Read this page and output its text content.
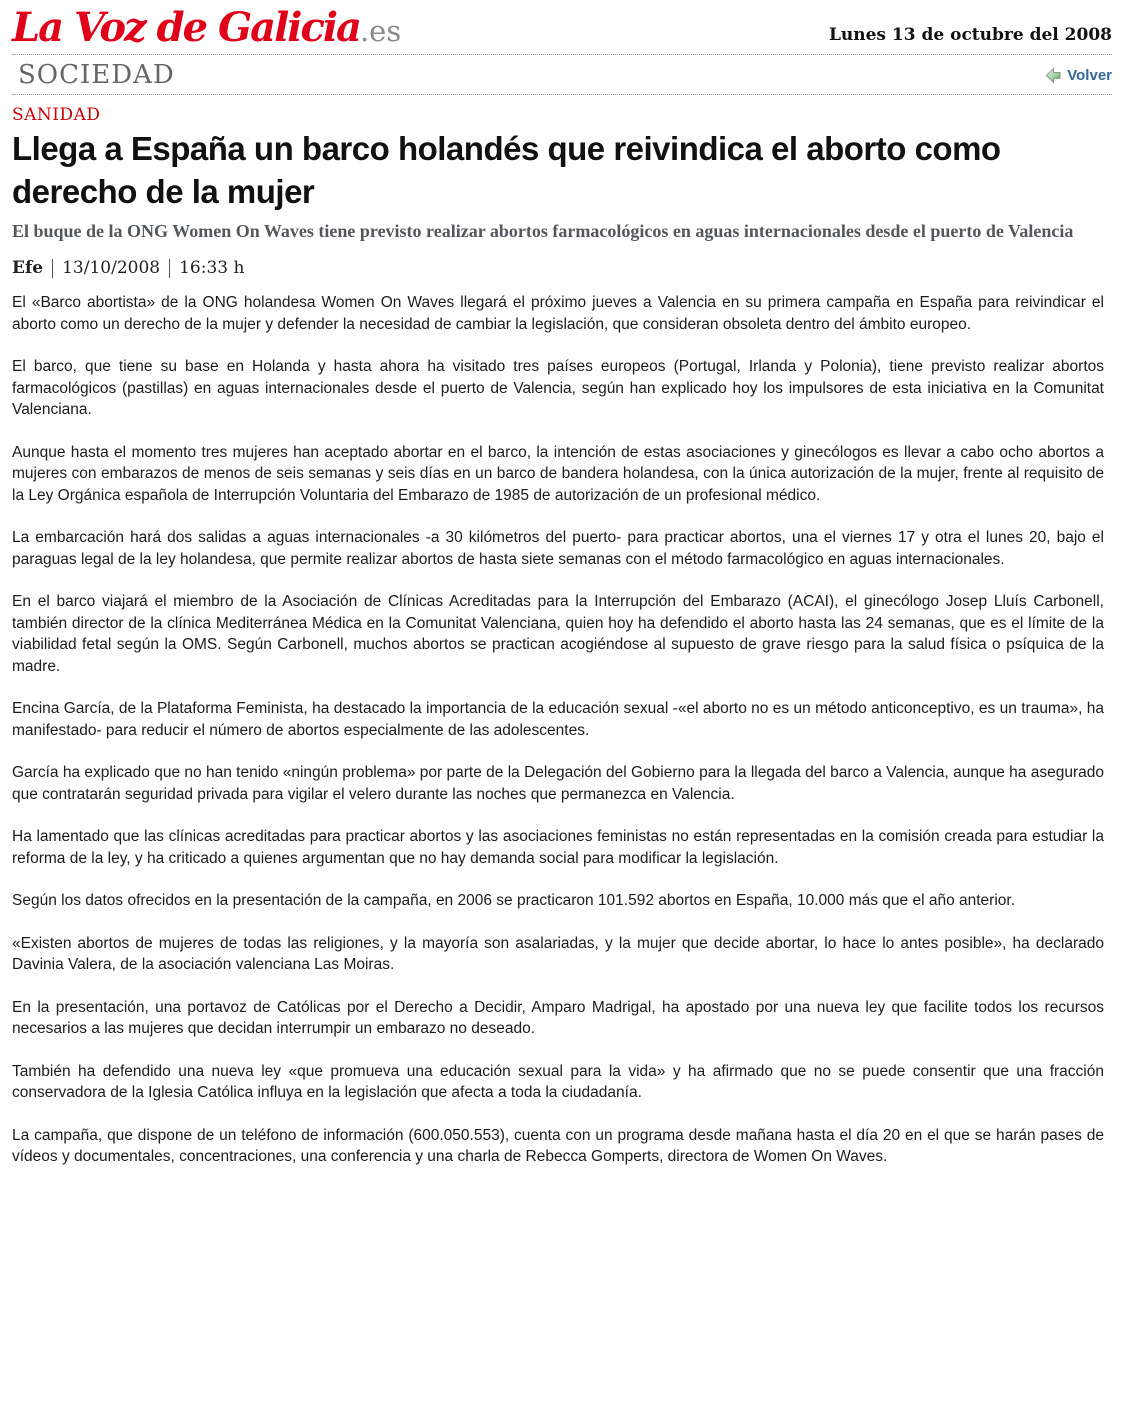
La Voz de Galicia.es	Lunes 13 de octubre del 2008
SOCIEDAD	Volver
SANIDAD
Llega a España un barco holandés que reivindica el aborto como derecho de la mujer
El buque de la ONG Women On Waves tiene previsto realizar abortos farmacológicos en aguas internacionales desde el puerto de Valencia
Efe 13/10/2008 16:33 h

El «Barco abortista» de la ONG holandesa Women On Waves llegará el próximo jueves a Valencia en su primera campaña en España para reivindicar el aborto como un derecho de la mujer y defender la necesidad de cambiar la legislación, que consideran obsoleta dentro del ámbito europeo.

El barco, que tiene su base en Holanda y hasta ahora ha visitado tres países europeos (Portugal, Irlanda y Polonia), tiene previsto realizar abortos farmacológicos (pastillas) en aguas internacionales desde el puerto de Valencia, según han explicado hoy los impulsores de esta iniciativa en la Comunitat Valenciana.

Aunque hasta el momento tres mujeres han aceptado abortar en el barco, la intención de estas asociaciones y ginecólogos es llevar a cabo ocho abortos a mujeres con embarazos de menos de seis semanas y seis días en un barco de bandera holandesa, con la única autorización de la mujer, frente al requisito de la Ley Orgánica española de Interrupción Voluntaria del Embarazo de 1985 de autorización de un profesional médico.

La embarcación hará dos salidas a aguas internacionales -a 30 kilómetros del puerto- para practicar abortos, una el viernes 17 y otra el lunes 20, bajo el paraguas legal de la ley holandesa, que permite realizar abortos de hasta siete semanas con el método farmacológico en aguas internacionales.

En el barco viajará el miembro de la Asociación de Clínicas Acreditadas para la Interrupción del Embarazo (ACAI), el ginecólogo Josep Lluís Carbonell, también director de la clínica Mediterránea Médica en la Comunitat Valenciana, quien hoy ha defendido el aborto hasta las 24 semanas, que es el límite de la viabilidad fetal según la OMS. Según Carbonell, muchos abortos se practican acogiéndose al supuesto de grave riesgo para la salud física o psíquica de la madre.

Encina García, de la Plataforma Feminista, ha destacado la importancia de la educación sexual -«el aborto no es un método anticonceptivo, es un trauma», ha manifestado- para reducir el número de abortos especialmente de las adolescentes.

García ha explicado que no han tenido «ningún problema» por parte de la Delegación del Gobierno para la llegada del barco a Valencia, aunque ha asegurado que contratarán seguridad privada para vigilar el velero durante las noches que permanezca en Valencia.

Ha lamentado que las clínicas acreditadas para practicar abortos y las asociaciones feministas no están representadas en la comisión creada para estudiar la reforma de la ley, y ha criticado a quienes argumentan que no hay demanda social para modificar la legislación.

Según los datos ofrecidos en la presentación de la campaña, en 2006 se practicaron 101.592 abortos en España, 10.000 más que el año anterior.

«Existen abortos de mujeres de todas las religiones, y la mayoría son asalariadas, y la mujer que decide abortar, lo hace lo antes posible», ha declarado Davinia Valera, de la asociación valenciana Las Moiras.

En la presentación, una portavoz de Católicas por el Derecho a Decidir, Amparo Madrigal, ha apostado por una nueva ley que facilite todos los recursos necesarios a las mujeres que decidan interrumpir un embarazo no deseado.

También ha defendido una nueva ley «que promueva una educación sexual para la vida» y ha afirmado que no se puede consentir que una fracción conservadora de la Iglesia Católica influya en la legislación que afecta a toda la ciudadanía.

La campaña, que dispone de un teléfono de información (600.050.553), cuenta con un programa desde mañana hasta el día 20 en el que se harán pases de vídeos y documentales, concentraciones, una conferencia y una charla de Rebecca Gomperts, directora de Women On Waves.
